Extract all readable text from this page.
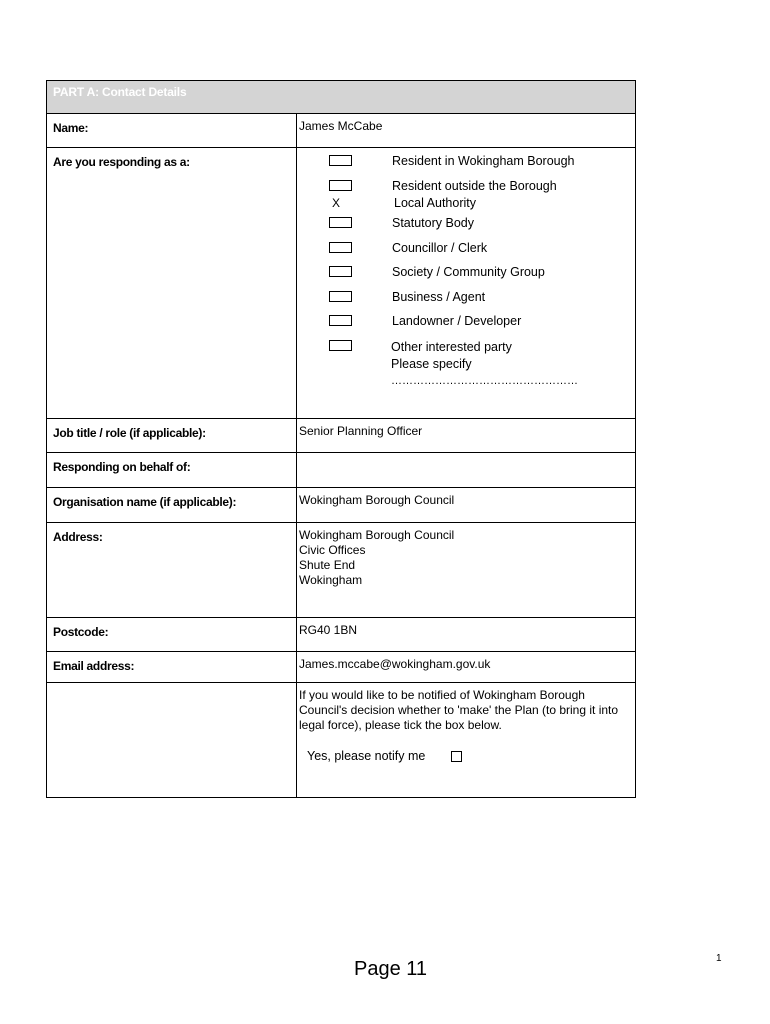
PART A: Contact Details
Name:	James McCabe
Are you responding as a:	Resident in Wokingham Borough
Resident outside the Borough
X	Local Authority
Statutory Body
Councillor / Clerk
Society / Community Group
Business / Agent
Landowner / Developer
Other interested party
Please specify
……………………………………………
Job title / role (if applicable):	Senior Planning Officer
Responding on behalf of:
Organisation name (if applicable):	Wokingham Borough Council
Address:	Wokingham Borough Council
Civic Offices
Shute End
Wokingham
Postcode:	RG40 1BN
Email address:	James.mccabe@wokingham.gov.uk
If you would like to be notified of Wokingham Borough Council's decision whether to 'make' the Plan (to bring it into legal force), please tick the box below.
Yes, please notify me
Page 11	1
